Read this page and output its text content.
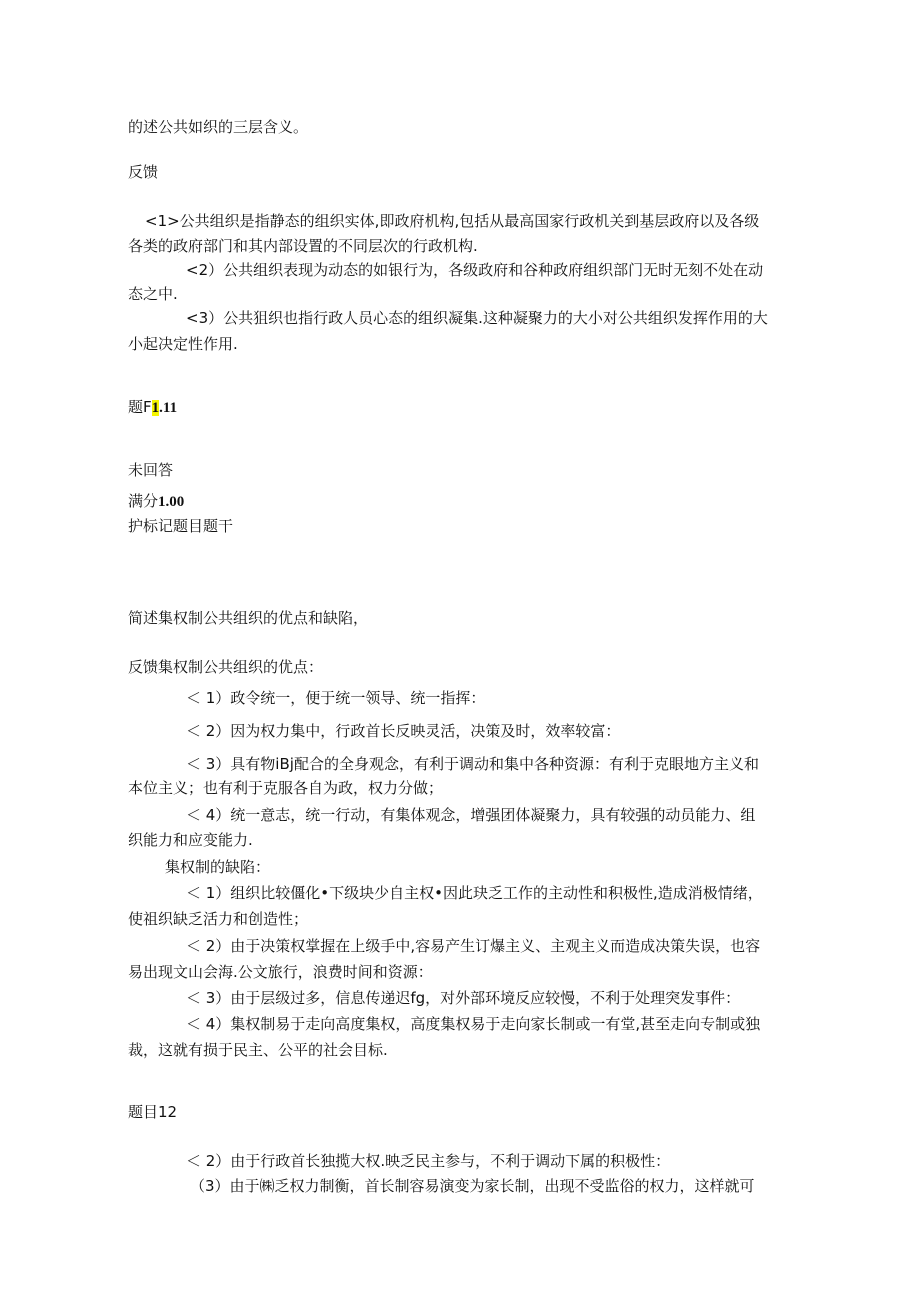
的述公共如织的三层含义。
反馈
<1>公共组织是指静态的组织实体,即政府机构,包括从最高国家行政机关到基层政府以及各级
各类的政府部门和其内部设置的不同层次的行政机构.
<2）公共组织表现为动态的如银行为，各级政府和谷种政府组织部门无时无刻不处在动
态之中.
<3）公共狙织也指行政人员心态的组织凝集.这种凝聚力的大小对公共组织发挥作用的大
小起决定性作用.
题F1.11
未回答
满分1.00
护标记题目题干
简述集权制公共组织的优点和缺陷，
反馈集权制公共组织的优点：
＜ 1）政令统一，便于统一领导、统一指挥：
＜ 2）因为权力集中，行政首长反映灵活，决策及时，效率较富：
＜ 3）具有物iBj配合的全身观念，有利于调动和集中各种资源：有利于克眼地方主义和
本位主义；也有利于克服各自为政，权力分做；
＜ 4）统一意志，统一行动，有集体观念，增强团体凝聚力，具有较强的动员能力、组
织能力和应变能力.
集权制的缺陷：
＜ 1）组织比较僵化•下级块少自主权•因此玦乏工作的主动性和积极性,造成消极情绪，
使祖织缺乏活力和创造性；
＜ 2）由于决策权掌握在上级手中,容易产生订爆主义、主观主义而造成决策失误，也容
易出现文山会海.公文旅行，浪费时间和资源：
＜ 3）由于层级过多，信息传递迟fg，对外部环境反应较慢，不利于处理突发事件：
＜ 4）集权制易于走向高度集权，高度集权易于走向家长制或一有堂,甚至走向专制或独
裁，这就有损于民主、公平的社会目标.
题目12
＜ 2）由于行政首长独揽大权.映乏民主参与，不利于调动下属的积极性：
（3）由于㈱乏权力制衡，首长制容易演变为家长制，出现不受监俗的权力，这样就可
